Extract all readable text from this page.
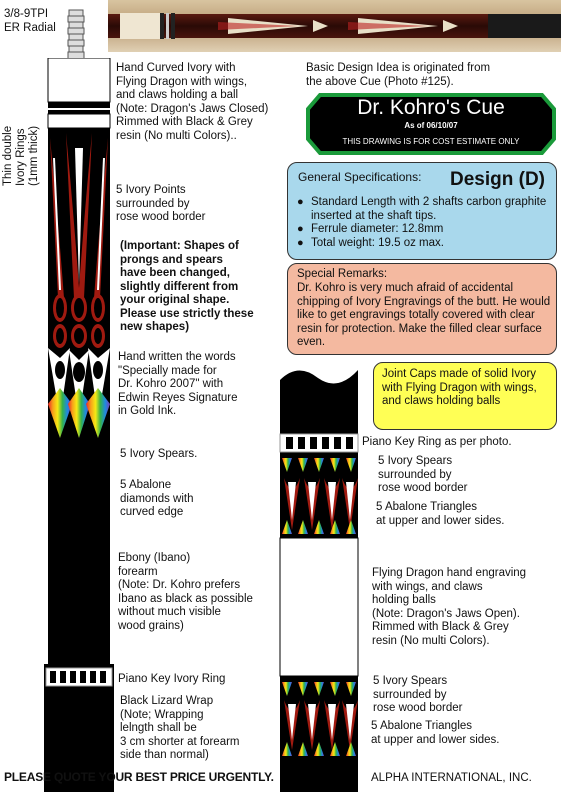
3/8-9TPI
ER Radial
Thin double
Ivory Rings
(1mm thick)
Basic Design Idea is originated from
the above Cue (Photo #125).
Dr. Kohro's Cue
As of 06/10/07
THIS DRAWING IS FOR COST ESTIMATE ONLY
General Specifications: Design (D)
● Standard Length with 2 shafts carbon graphite inserted at the shaft tips.
● Ferrule diameter: 12.8mm
● Total weight: 19.5 oz max.
Special Remarks:
Dr. Kohro is very much afraid of accidental chipping of Ivory Engravings of the butt. He would like to get engravings totally covered with clear resin for protection. Make the filled clear surface even.
Joint Caps made of solid Ivory with Flying Dragon with wings, and claws holding balls
Hand Curved Ivory with
Flying Dragon with wings,
and claws holding a ball
(Note: Dragon's Jaws Closed)
Rimmed with Black & Grey
resin (No multi Colors)..
5 Ivory Points
surrounded by
rose wood border
(Important: Shapes of
prongs and spears
have been changed,
slightly different from
your original shape.
Please use strictly these
new shapes)
Hand written the words
"Specially made for
Dr. Kohro 2007" with
Edwin Reyes Signature
in Gold Ink.
5 Ivory Spears.
5 Abalone
diamonds with
curved edge
Ebony (Ibano)
forearm
(Note: Dr. Kohro prefers
Ibano as black as possible
without much visible
wood grains)
Piano Key Ivory Ring
Black Lizard Wrap
(Note; Wrapping
lelngth shall be
3 cm shorter at forearm
side than normal)
Piano Key Ring as per photo.
5 Ivory Spears
surrounded by
rose wood border
5 Abalone Triangles
at upper and lower sides.
Flying Dragon hand engraving
with wings, and claws
holding balls
(Note: Dragon's Jaws Open).
Rimmed with Black & Grey
resin (No multi Colors).
5 Ivory Spears
surrounded by
rose wood border
5 Abalone Triangles
at upper and lower sides.
PLEASE QUOTE YOUR BEST PRICE URGENTLY.	ALPHA INTERNATIONAL, INC.
